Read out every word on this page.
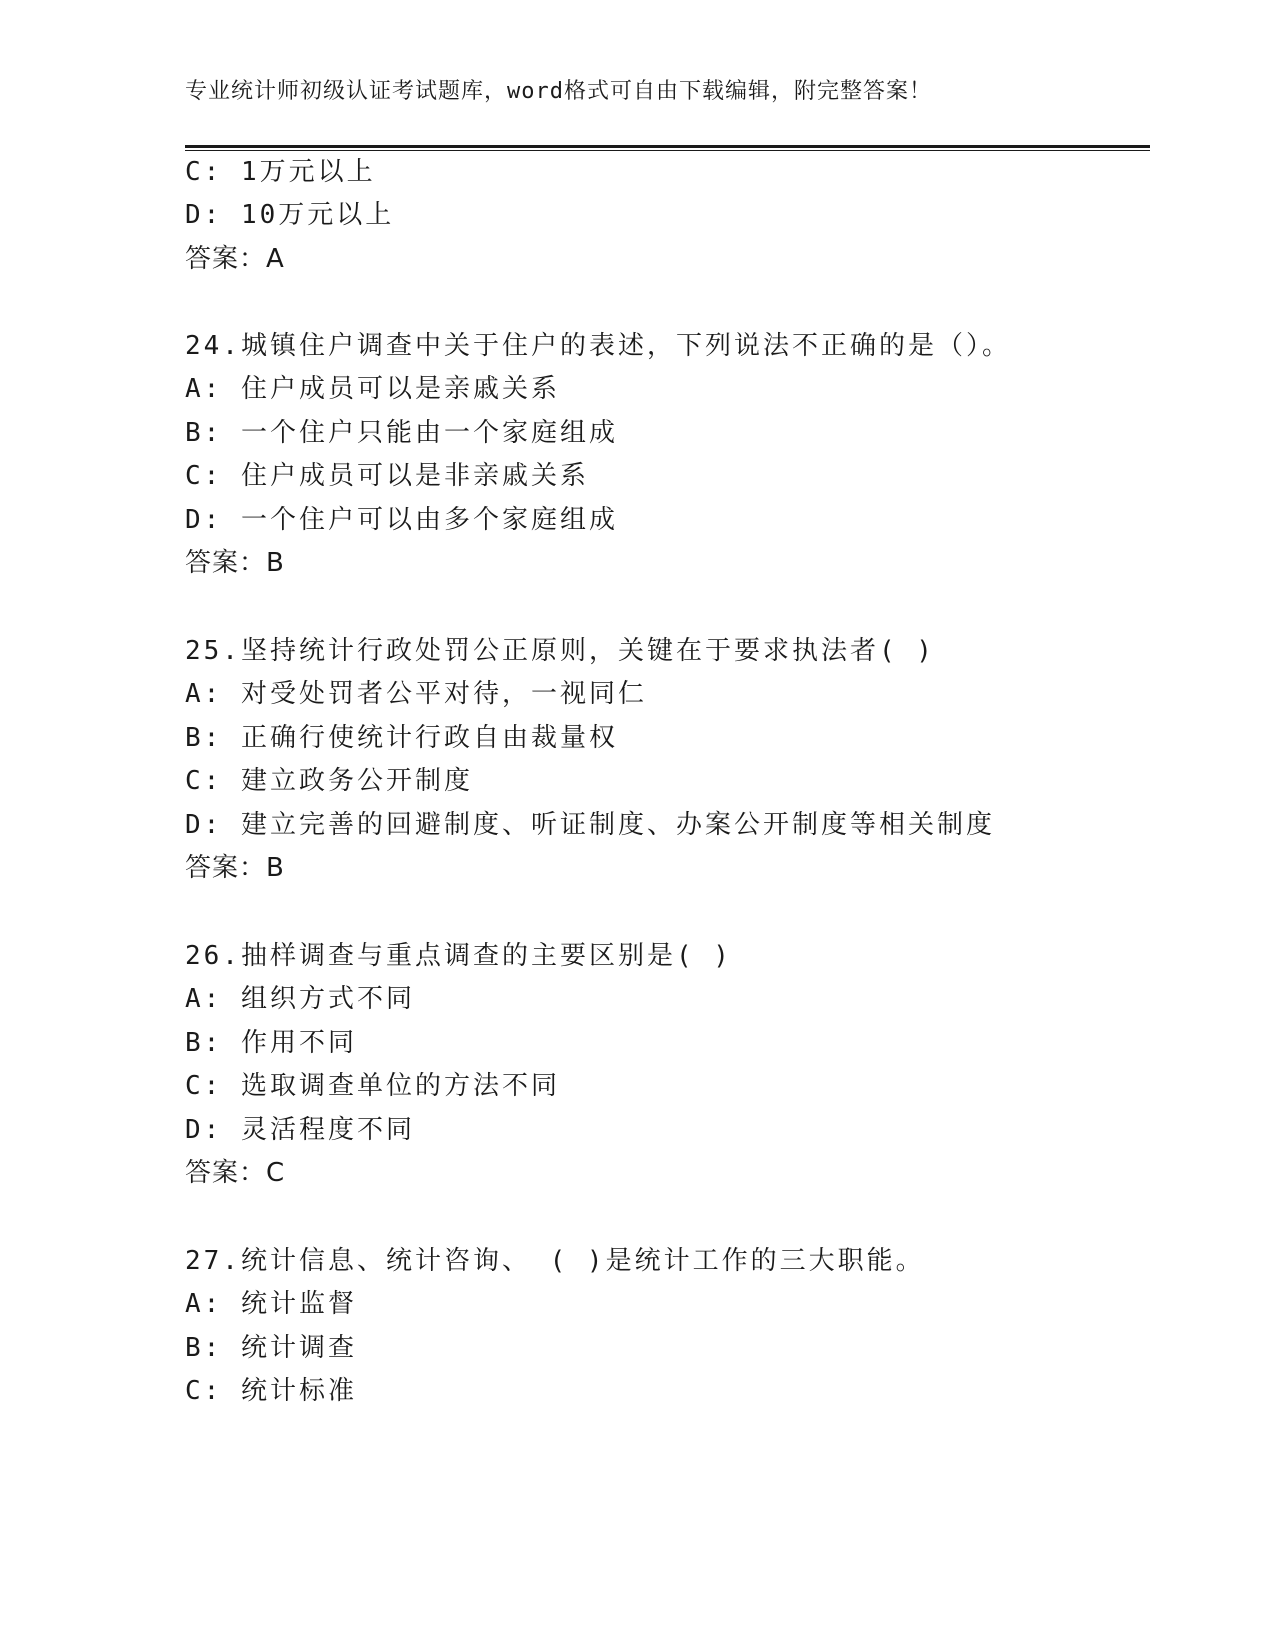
专业统计师初级认证考试题库，word格式可自由下载编辑，附完整答案！
C: 1万元以上
D: 10万元以上
答案：A
24.城镇住户调查中关于住户的表述，下列说法不正确的是（）。
A: 住户成员可以是亲戚关系
B: 一个住户只能由一个家庭组成
C: 住户成员可以是非亲戚关系
D: 一个住户可以由多个家庭组成
答案：B
25.坚持统计行政处罚公正原则，关键在于要求执法者( )
A: 对受处罚者公平对待，一视同仁
B: 正确行使统计行政自由裁量权
C: 建立政务公开制度
D: 建立完善的回避制度、听证制度、办案公开制度等相关制度
答案：B
26.抽样调查与重点调查的主要区别是( )
A: 组织方式不同
B: 作用不同
C: 选取调查单位的方法不同
D: 灵活程度不同
答案：C
27.统计信息、统计咨询、 ( )是统计工作的三大职能。
A: 统计监督
B: 统计调查
C: 统计标准
